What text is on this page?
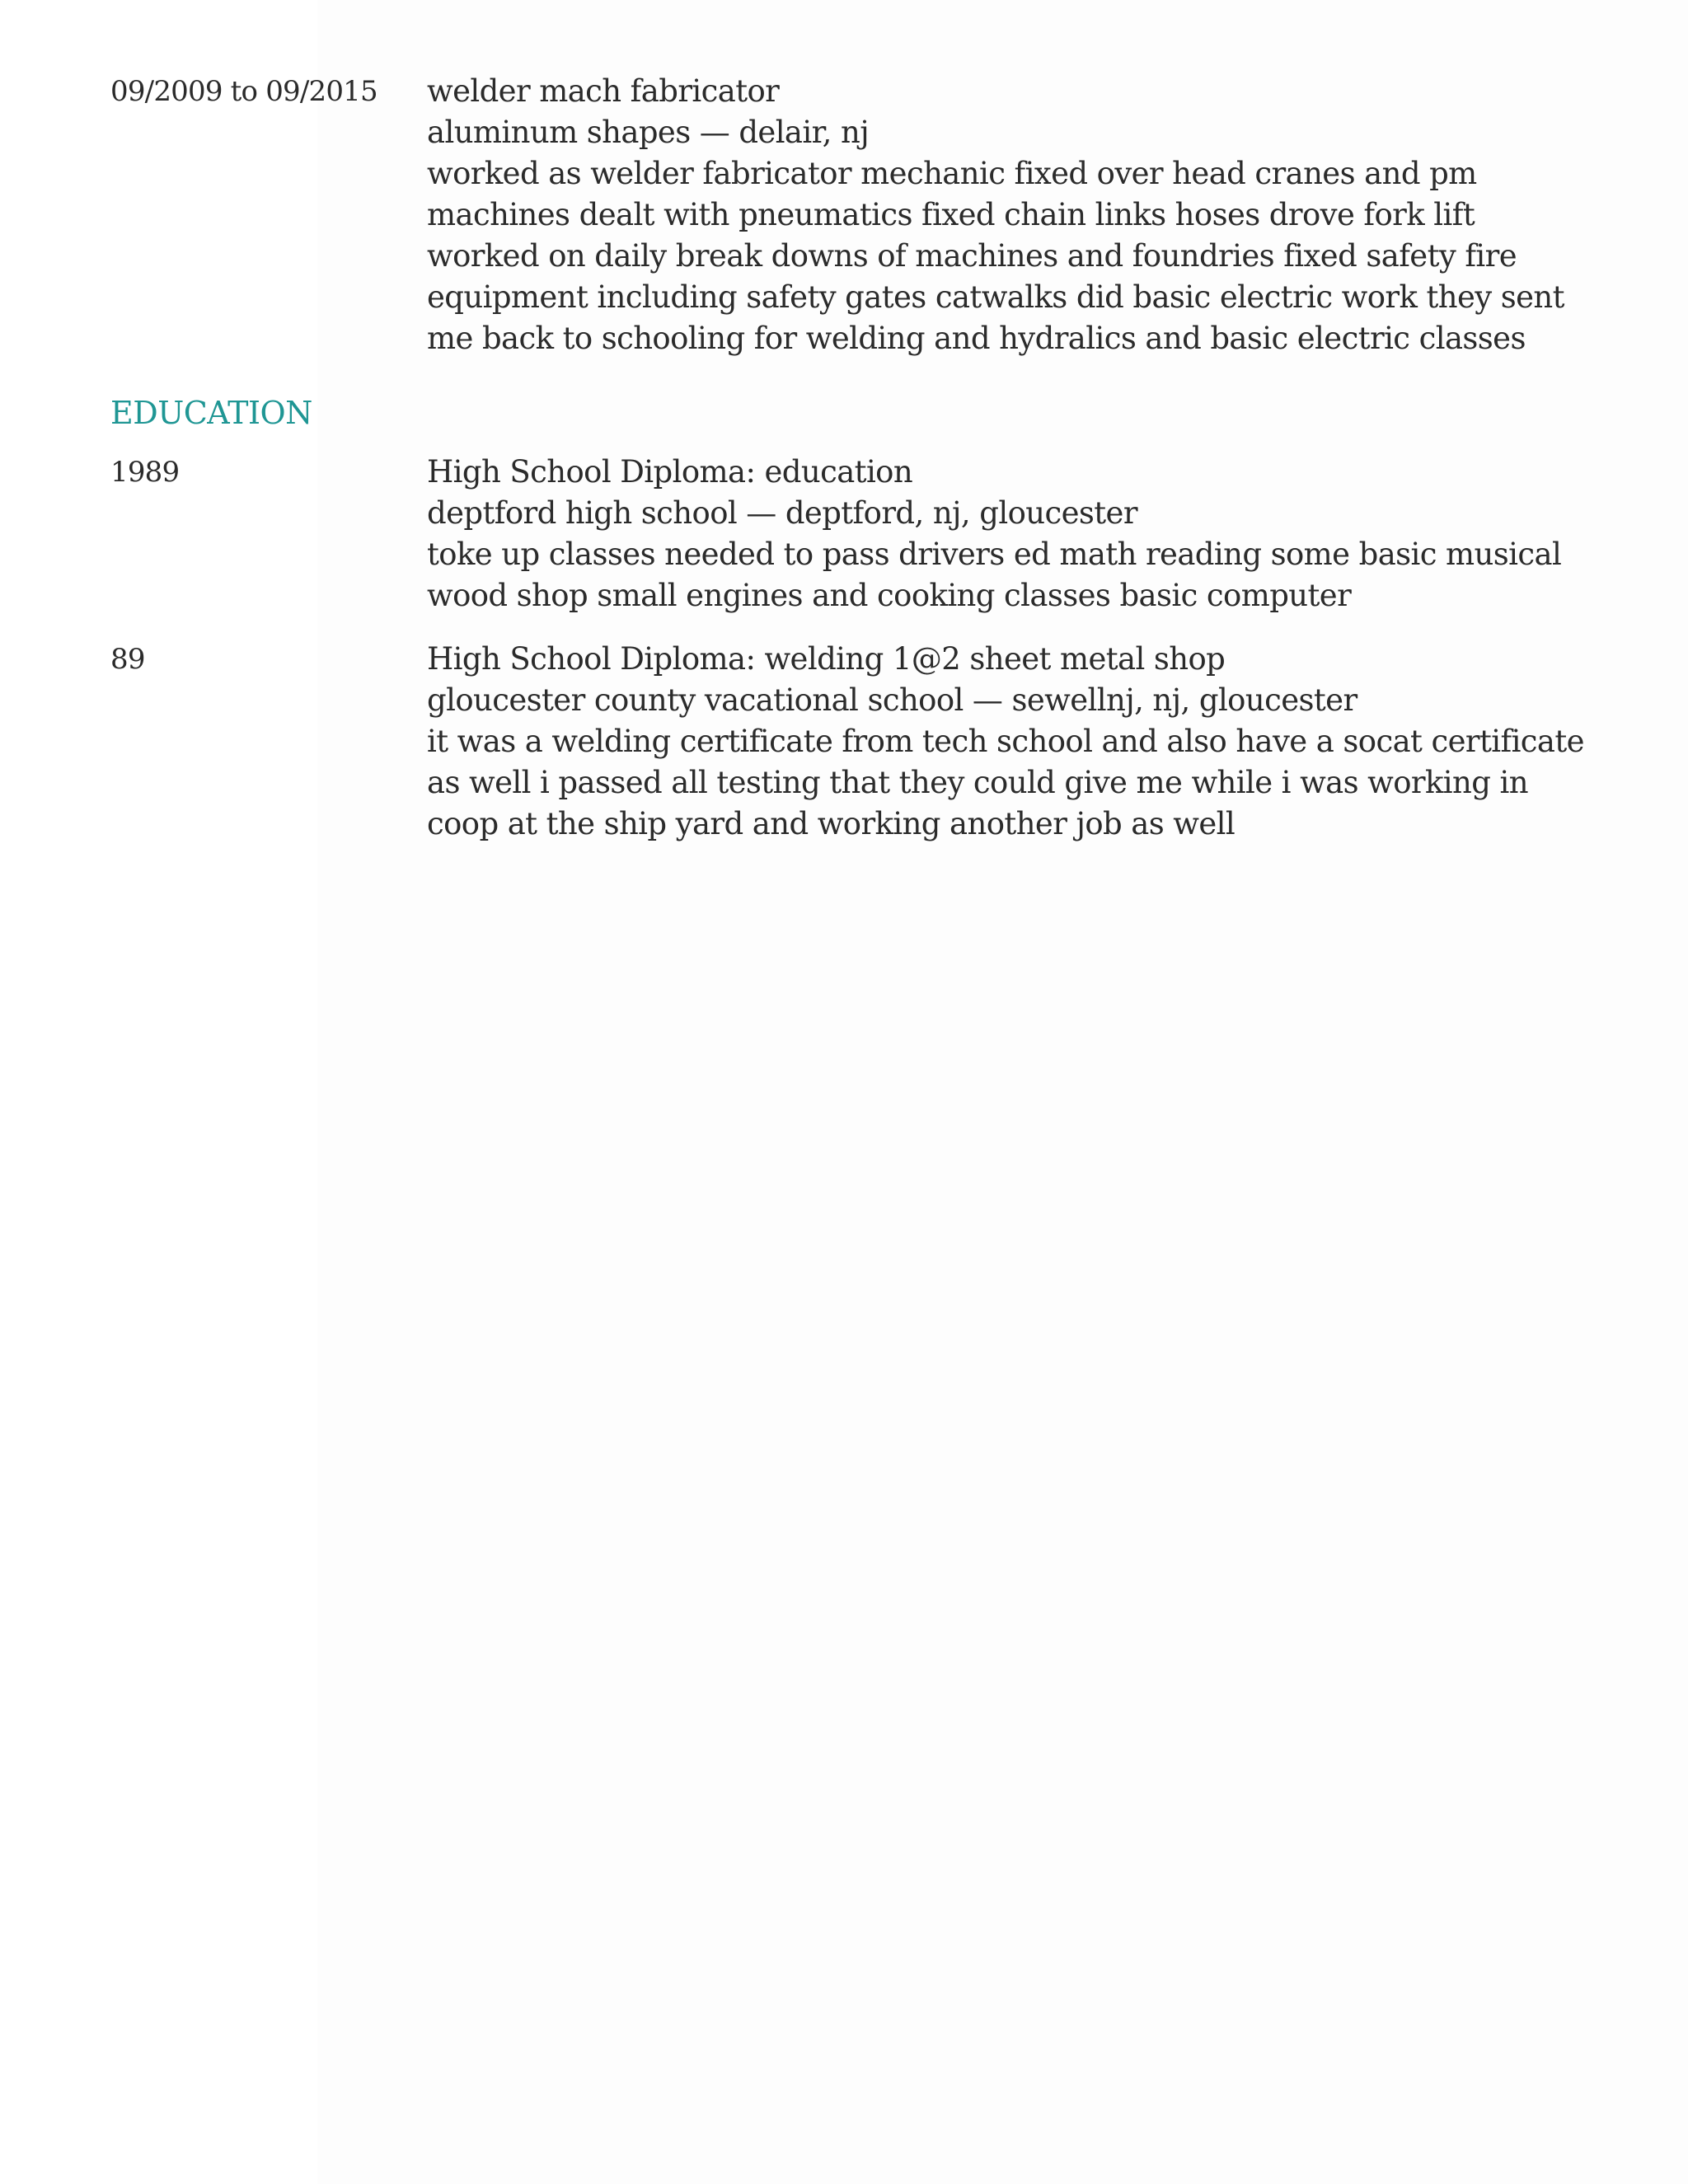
09/2009 to 09/2015 welder mach fabricator
aluminum shapes — delair, nj
worked as welder fabricator mechanic fixed over head cranes and pm machines dealt with pneumatics fixed chain links hoses drove fork lift worked on daily break downs of machines and foundries fixed safety fire equipment including safety gates catwalks did basic electric work they sent me back to schooling for welding and hydralics and basic electric classes
EDUCATION
1989	High School Diploma: education
deptford high school — deptford, nj, gloucester
toke up classes needed to pass drivers ed math reading some basic musical wood shop small engines and cooking classes basic computer
89	High School Diploma: welding 1@2 sheet metal shop
gloucester county vacational school — sewellnj, nj, gloucester
it was a welding certificate from tech school and also have a socat certificate as well i passed all testing that they could give me while i was working in coop at the ship yard and working another job as well
